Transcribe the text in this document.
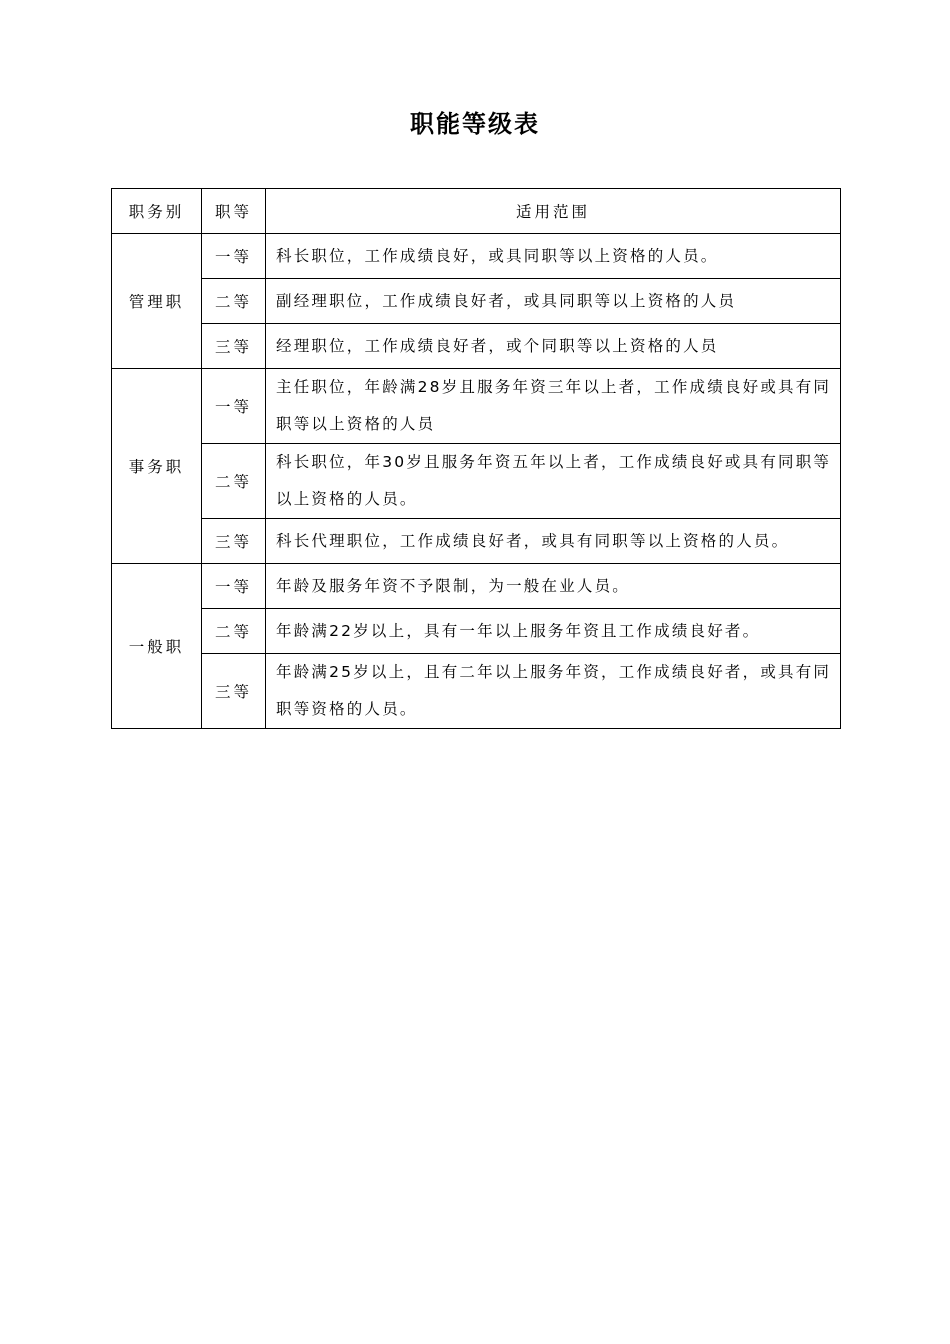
职能等级表
职务别	职等	适用范围
管理职	一等	科长职位，工作成绩良好，或具同职等以上资格的人员。
	二等	副经理职位，工作成绩良好者，或具同职等以上资格的人员
	三等	经理职位，工作成绩良好者，或个同职等以上资格的人员
事务职	一等	主任职位，年龄满28岁且服务年资三年以上者，工作成绩良好或具有同职等以上资格的人员
	二等	科长职位，年30岁且服务年资五年以上者，工作成绩良好或具有同职等以上资格的人员。
	三等	科长代理职位，工作成绩良好者，或具有同职等以上资格的人员。
一般职	一等	年龄及服务年资不予限制，为一般在业人员。
	二等	年龄满22岁以上，具有一年以上服务年资且工作成绩良好者。
	三等	年龄满25岁以上，且有二年以上服务年资，工作成绩良好者，或具有同职等资格的人员。
